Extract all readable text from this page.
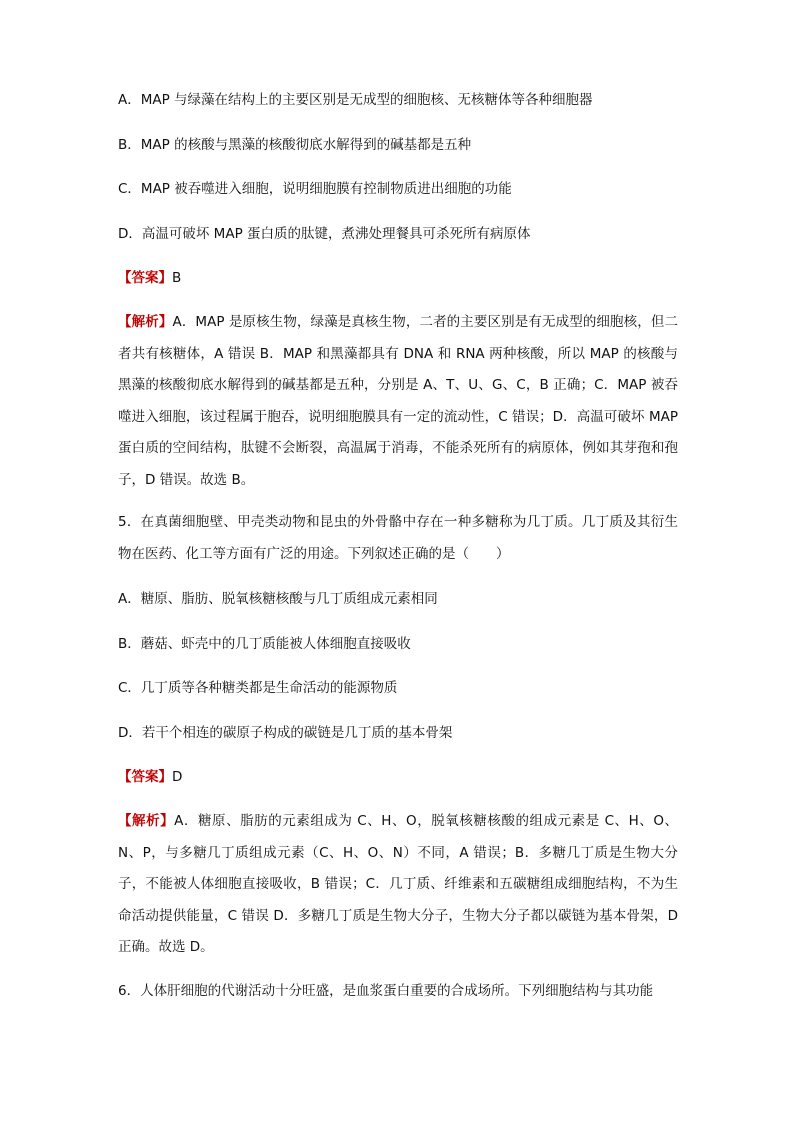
A．MAP 与绿藻在结构上的主要区别是无成型的细胞核、无核糖体等各种细胞器
B．MAP 的核酸与黑藻的核酸彻底水解得到的碱基都是五种
C．MAP 被吞噬进入细胞，说明细胞膜有控制物质进出细胞的功能
D．高温可破坏 MAP 蛋白质的肽键，煮沸处理餐具可杀死所有病原体
【答案】B
【解析】A．MAP 是原核生物，绿藻是真核生物，二者的主要区别是有无成型的细胞核，但二者共有核糖体，A 错误 B．MAP 和黑藻都具有 DNA 和 RNA 两种核酸，所以 MAP 的核酸与黑藻的核酸彻底水解得到的碱基都是五种，分别是 A、T、U、G、C，B 正确；C．MAP 被吞噬进入细胞，该过程属于胞吞，说明细胞膜具有一定的流动性，C 错误；D．高温可破坏 MAP 蛋白质的空间结构，肽键不会断裂，高温属于消毒，不能杀死所有的病原体，例如其芽孢和孢子，D 错误。故选 B。
5．在真菌细胞壁、甲壳类动物和昆虫的外骨骼中存在一种多糖称为几丁质。几丁质及其衍生物在医药、化工等方面有广泛的用途。下列叙述正确的是（　　）
A．糖原、脂肪、脱氧核糖核酸与几丁质组成元素相同
B．蘑菇、虾壳中的几丁质能被人体细胞直接吸收
C．几丁质等各种糖类都是生命活动的能源物质
D．若干个相连的碳原子构成的碳链是几丁质的基本骨架
【答案】D
【解析】A．糖原、脂肪的元素组成为 C、H、O，脱氧核糖核酸的组成元素是 C、H、O、N、P，与多糖几丁质组成元素（C、H、O、N）不同，A 错误；B．多糖几丁质是生物大分子，不能被人体细胞直接吸收，B 错误；C．几丁质、纤维素和五碳糖组成细胞结构，不为生命活动提供能量，C 错误 D．多糖几丁质是生物大分子，生物大分子都以碳链为基本骨架，D 正确。故选 D。
6．人体肝细胞的代谢活动十分旺盛，是血浆蛋白重要的合成场所。下列细胞结构与其功能
